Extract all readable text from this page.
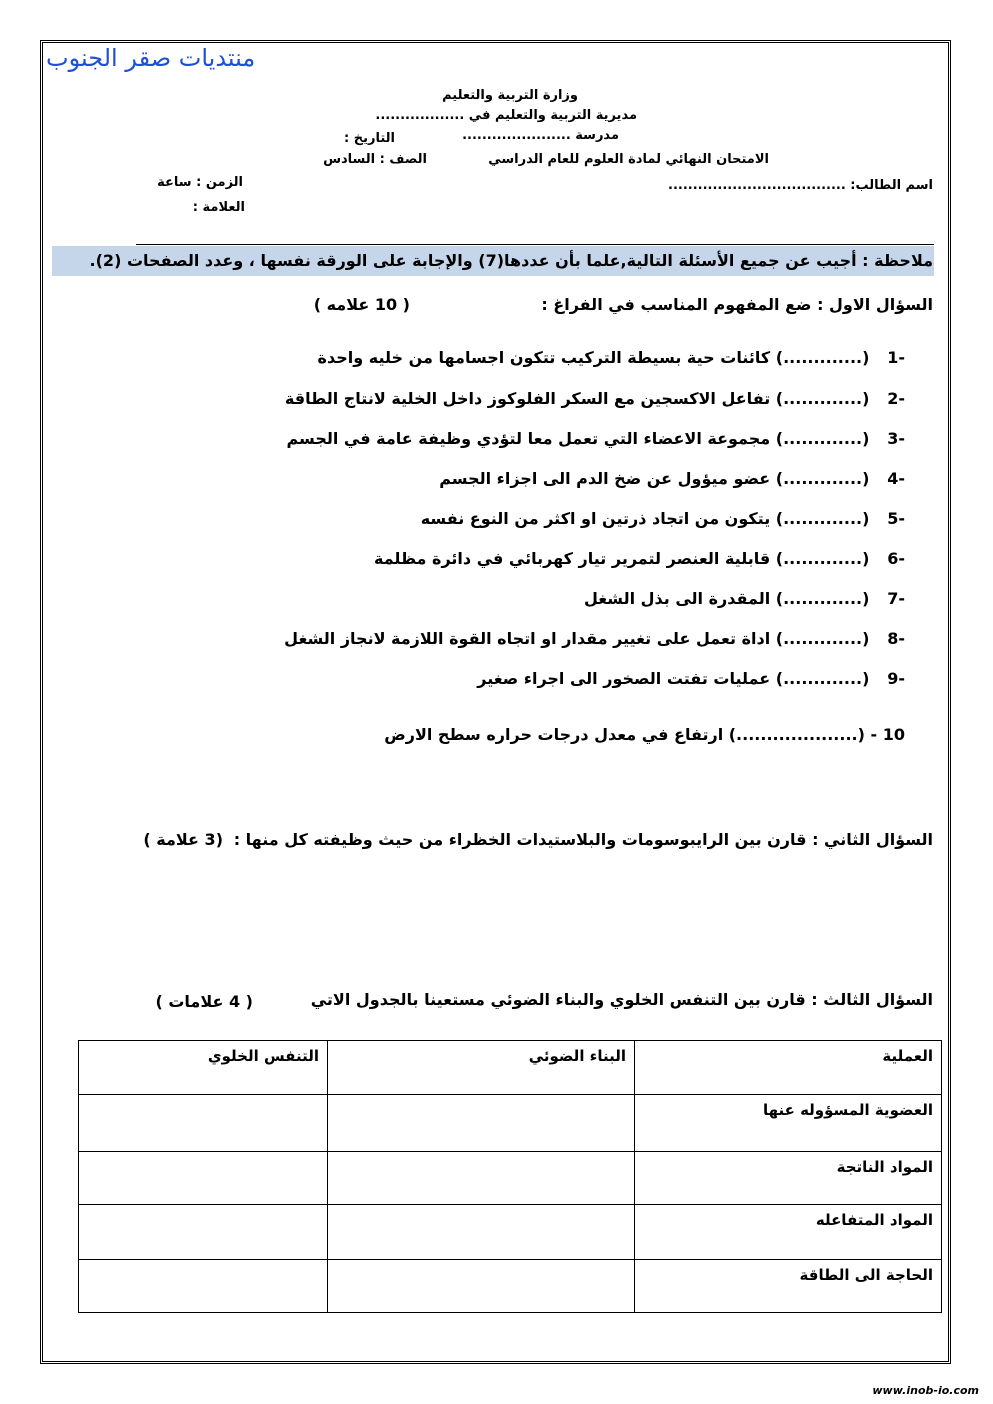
منتديات صقر الجنوب
وزارة التربية والتعليم
مديرية التربية والتعليم في ..................
مدرسة ......................
التاريخ :
الامتحان النهائي لمادة العلوم للعام الدراسي
الصف : السادس
اسم الطالب: ....................................
الزمن : ساعة
العلامة :
ملاحظة : أجيب عن جميع الأسئلة التالية,علما بأن عددها(7) والإجابة على الورقة نفسها ، وعدد الصفحات (2).
السؤال الاول : ضع المفهوم المناسب في الفراغ :
( 10 علامه )
-1 (.............) كائنات حية بسيطة التركيب تتكون اجسامها من خليه واحدة
-2 (.............) تفاعل الاكسجين مع السكر الفلوكوز داخل الخلية لانتاج الطاقة
-3 (.............) مجموعة الاعضاء التي تعمل معا لتؤدي وظيفة عامة في الجسم
-4 (.............) عضو ميؤول عن ضخ الدم الى اجزاء الجسم
-5 (.............) يتكون من اتجاد ذرتين او اكثر من النوع نفسه
-6 (.............) قابلية العنصر لتمرير تيار كهربائي في دائرة مظلمة
-7 (.............) المقدرة الى بذل الشغل
-8 (.............) اداة تعمل على تغيير مقدار او اتجاه القوة اللازمة لانجاز الشغل
-9 (.............) عمليات تفتت الصخور الى اجراء صغير
10 - (....................) ارتفاع في معدل درجات حراره سطح الارض
السؤال الثاني : قارن بين الرايبوسومات والبلاستيدات الخظراء من حيث وظيفته كل منها :
(3 علامة )
السؤال الثالث : قارن بين التنفس الخلوي والبناء الضوئي مستعينا بالجدول الاتي
( 4 علامات )
العملية	البناء الضوئي	التنفس الخلوي
العضوية المسؤوله عنها		
المواد الناتجة		
المواد المتفاعله		
الحاجة الى الطاقة		
www.inob-io.com
